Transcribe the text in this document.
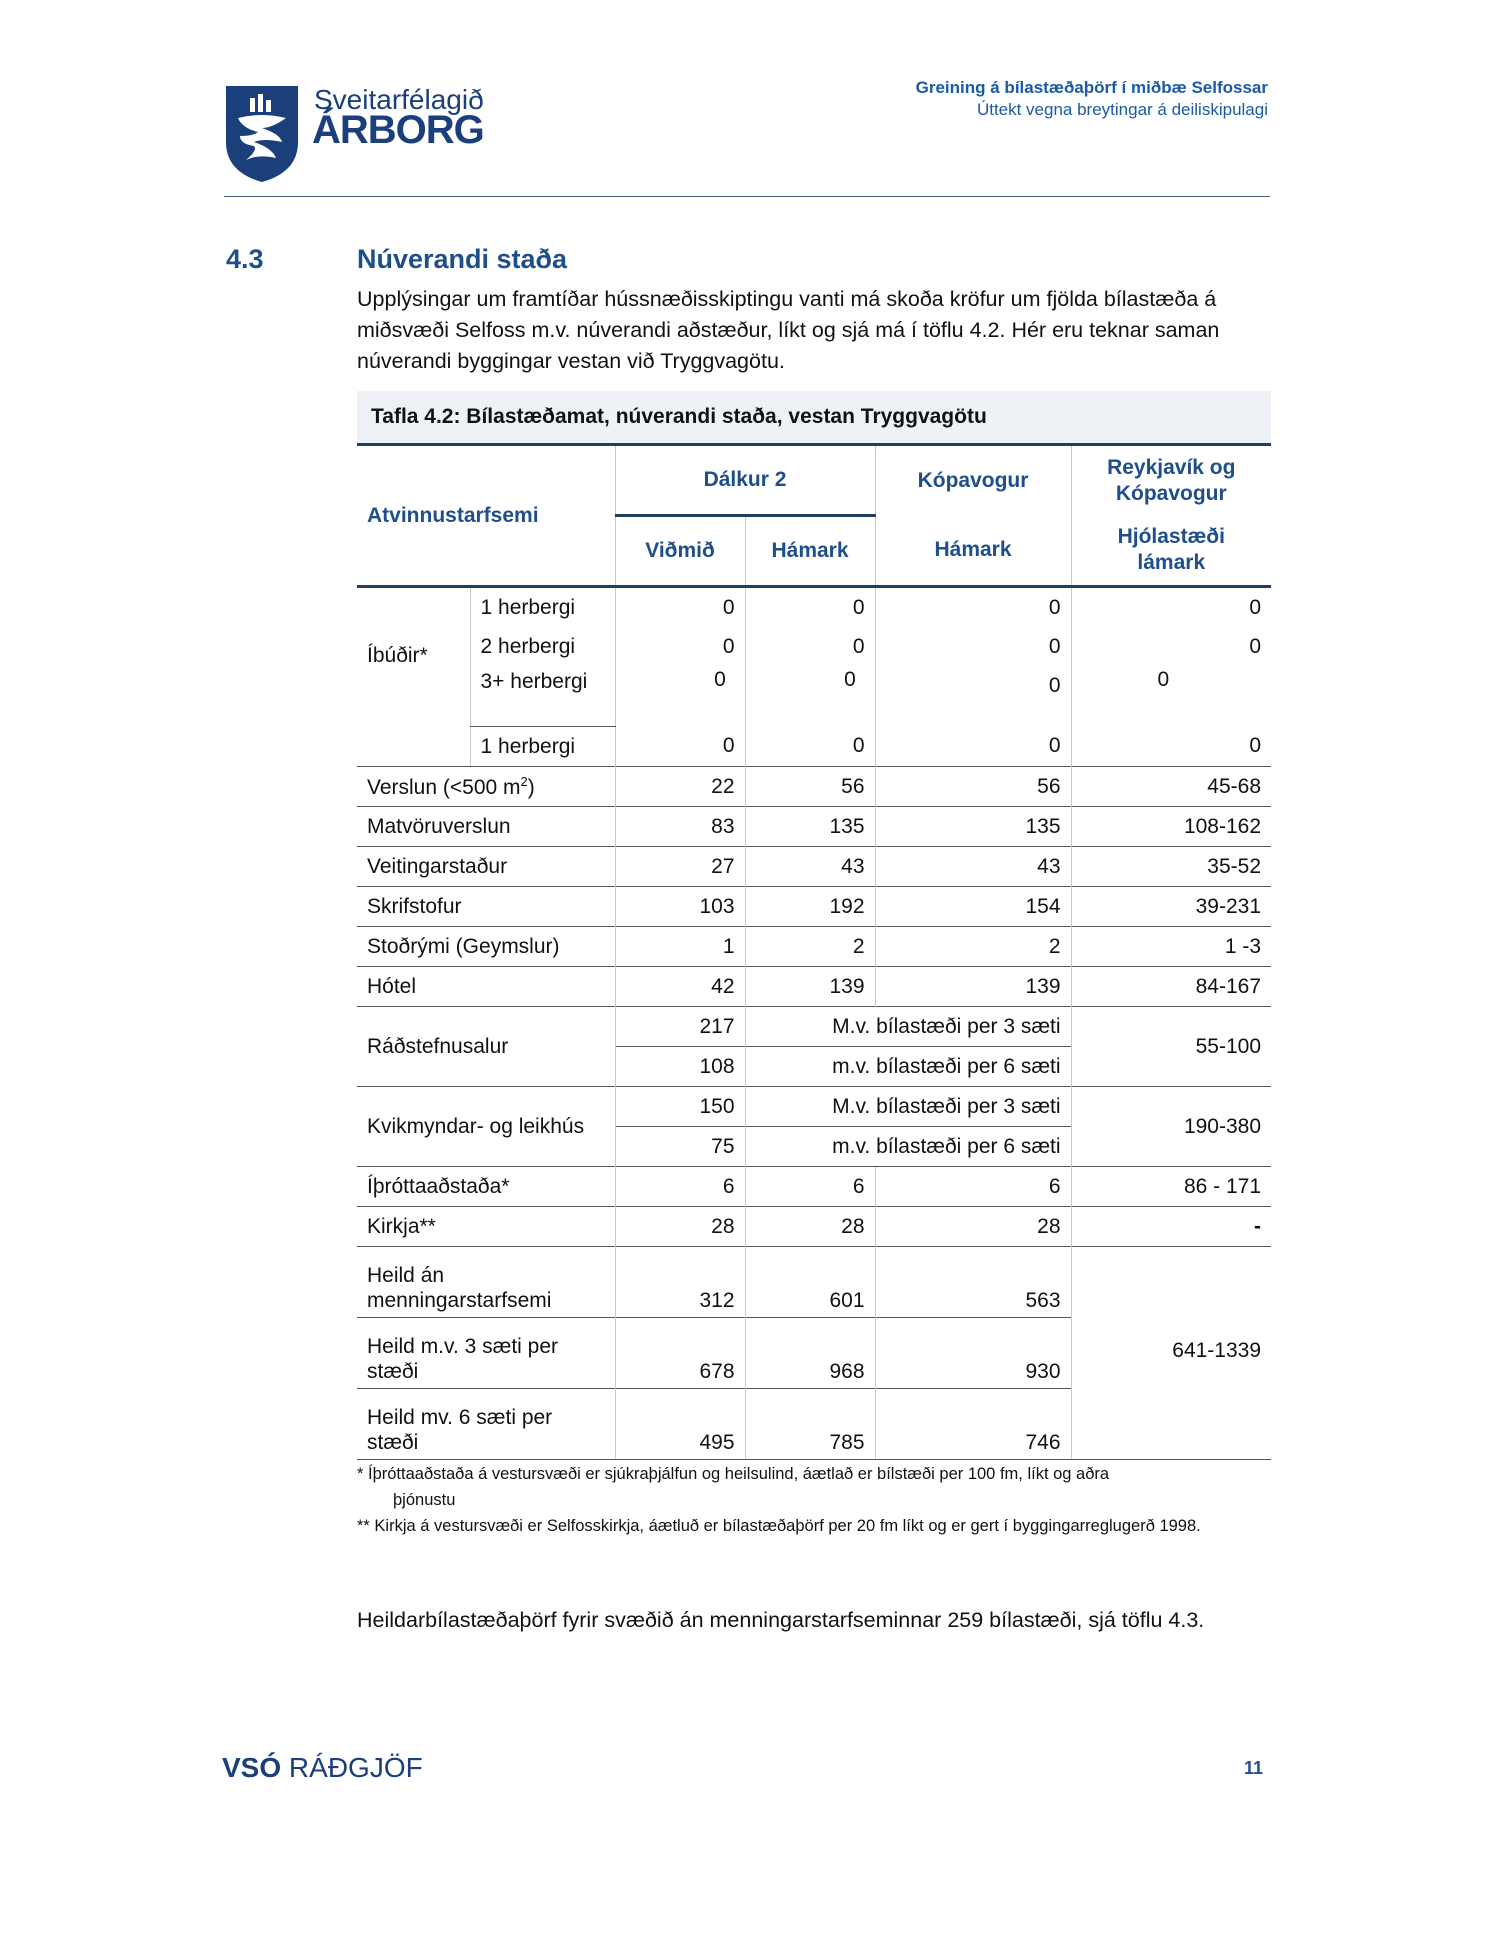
Sveitarfélagið
ÁRBORG
Greining á bílastæðaþörf í miðbæ Selfossar
Úttekt vegna breytingar á deiliskipulagi
4.3	Núverandi staða
Upplýsingar um framtíðar hússnæðisskiptingu vanti má skoða kröfur um fjölda bílastæða á miðsvæði Selfoss m.v. núverandi aðstæður, líkt og sjá má í töflu 4.2. Hér eru teknar saman núverandi byggingar vestan við Tryggvagötu.
Tafla 4.2: Bílastæðamat, núverandi staða, vestan Tryggvagötu
Atvinnustarfsemi		Dálkur 2		Kópavogur	Reykjavík og Kópavogur
		Viðmið	Hámark	Hámark	Hjólastæði lámark
Íbúðir*	1 herbergi	0	0	0	0
	2 herbergi	0	0	0	0
	3+ herbergi	0	0	0	0
	1 herbergi	0	0	0	0
Verslun (<500 $m^2$)		22	56	56	45-68
Matvöruverslun		83	135	135	108-162
Veitingarstaður		27	43	43	35-52
Skrifstofur		103	192	154	39-231
Stoðrými (Geymslur)		1	2	2	1 -3
Hótel		42	139	139	84-167
Ráðstefnusalur		217	M.v. bílastæði per 3 sæti		55-100
		108	m.v. bílastæði per 6 sæti		
Kvikmyndar- og leikhús		150	M.v. bílastæði per 3 sæti		190-380
		75	m.v. bílastæði per 6 sæti		
Íþróttaaðstaða*		6	6	6	86 - 171
Kirkja**		28	28	28	-
Heild án menningarstarfsemi		312	601	563	641-1339
Heild m.v. 3 sæti per stæði		678	968	930	
Heild mv. 6 sæti per stæði		495	785	746	
* Íþróttaaðstaða á vestursvæði er sjúkraþjálfun og heilsulind, áætlað er bílstæði per 100 fm, líkt og aðra
þjónustu
** Kirkja á vestursvæði er Selfosskirkja, áætluð er bílastæðaþörf per 20 fm líkt og er gert í byggingarreglugerð 1998.
Heildarbílastæðaþörf fyrir svæðið án menningarstarfseminnar 259 bílastæði, sjá töflu 4.3.
VSÓ RÁÐGJÖF	11
